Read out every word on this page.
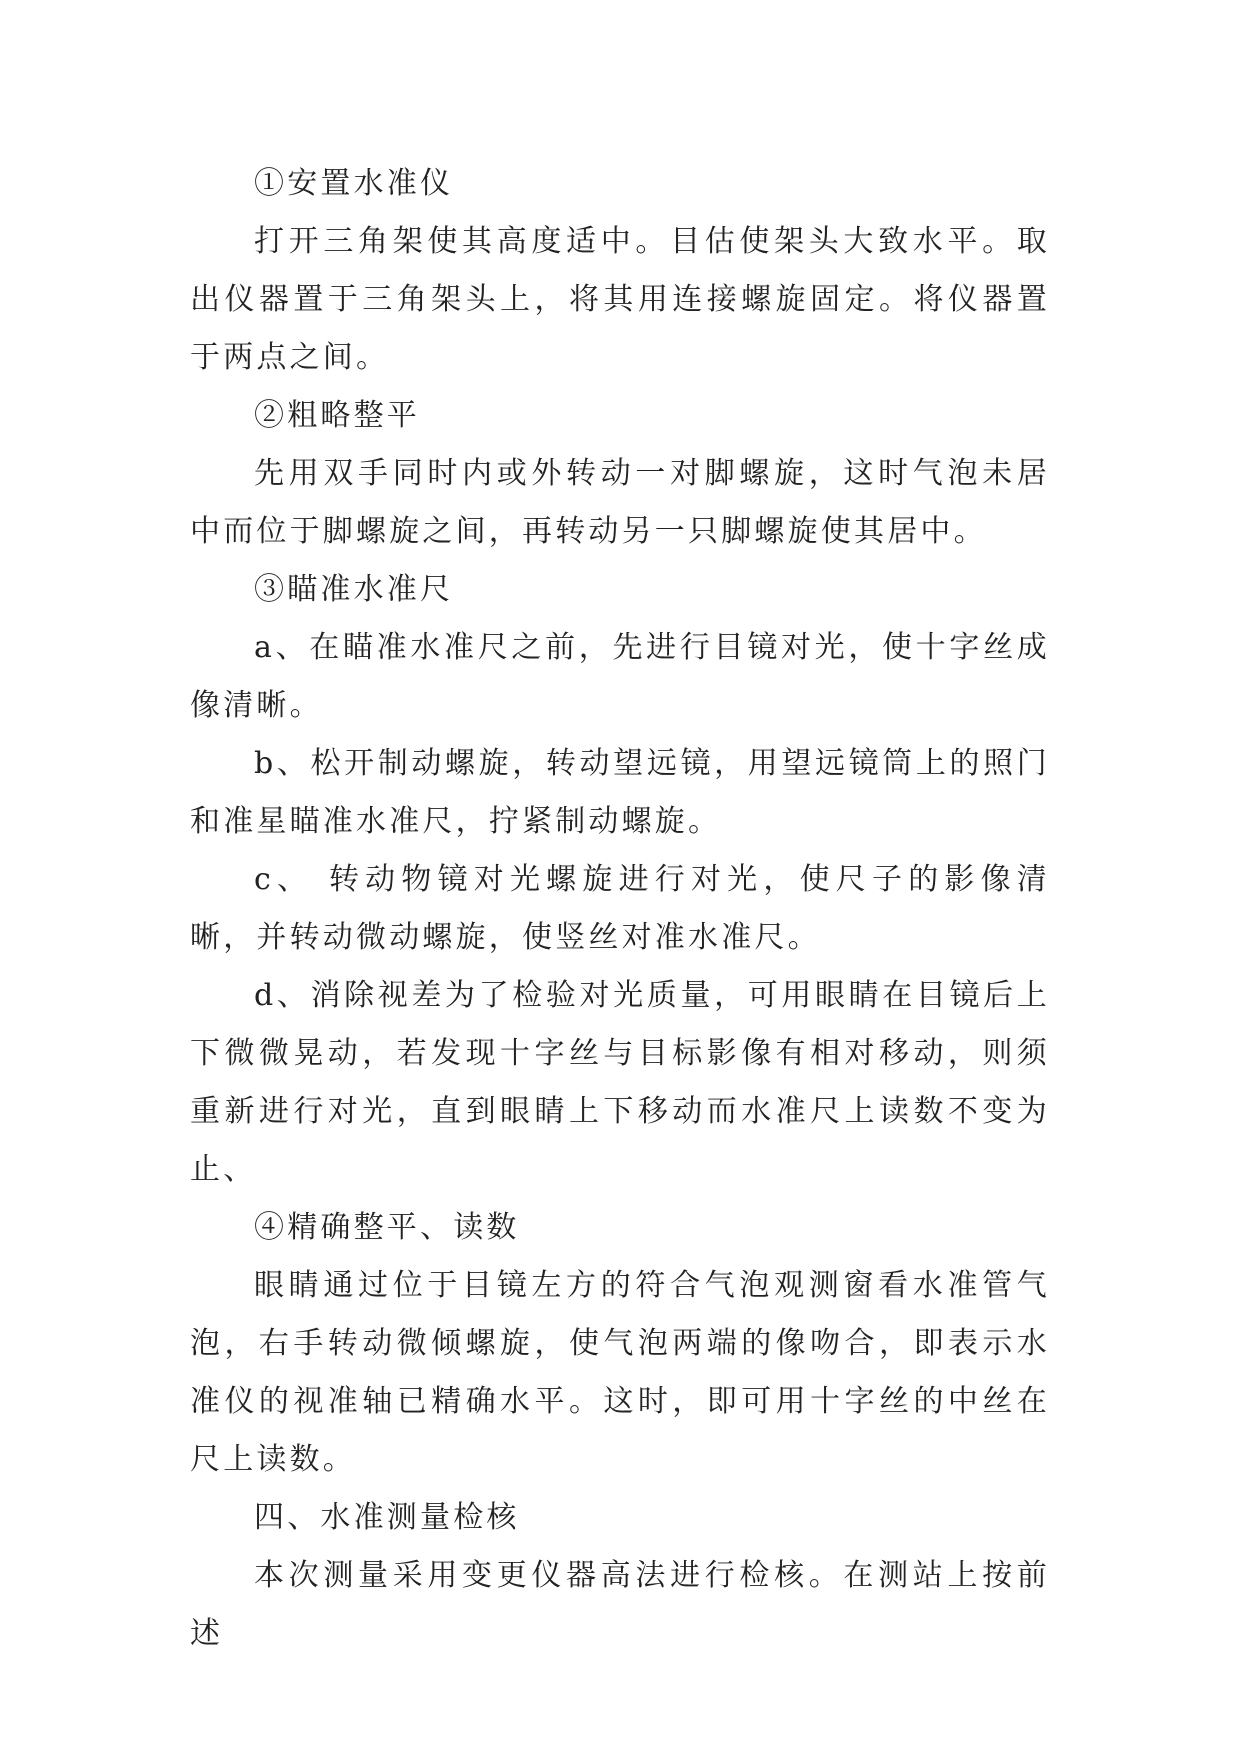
①安置水准仪

打开三角架使其高度适中。目估使架头大致水平。取出仪器置于三角架头上，将其用连接螺旋固定。将仪器置于两点之间。

②粗略整平

先用双手同时内或外转动一对脚螺旋，这时气泡未居中而位于脚螺旋之间，再转动另一只脚螺旋使其居中。

③瞄准水准尺

a、在瞄准水准尺之前，先进行目镜对光，使十字丝成像清晰。

b、松开制动螺旋，转动望远镜，用望远镜筒上的照门和准星瞄准水准尺，拧紧制动螺旋。

c、 转动物镜对光螺旋进行对光，使尺子的影像清晰，并转动微动螺旋，使竖丝对准水准尺。

d、消除视差为了检验对光质量，可用眼睛在目镜后上下微微晃动，若发现十字丝与目标影像有相对移动，则须重新进行对光，直到眼睛上下移动而水准尺上读数不变为止、

④精确整平、读数

眼睛通过位于目镜左方的符合气泡观测窗看水准管气泡，右手转动微倾螺旋，使气泡两端的像吻合，即表示水准仪的视准轴已精确水平。这时，即可用十字丝的中丝在尺上读数。

四、水准测量检核

本次测量采用变更仪器高法进行检核。在测站上按前述
